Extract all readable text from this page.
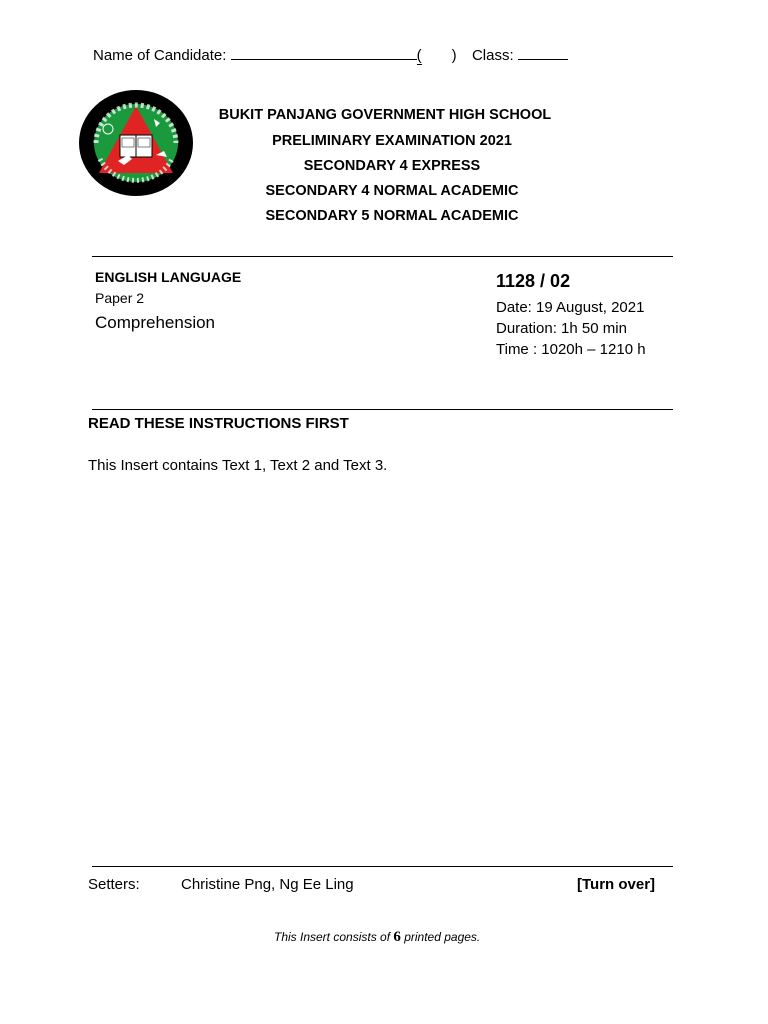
Name of Candidate:	( ) Class:
BUKIT PANJANG GOVERNMENT HIGH SCHOOL
PRELIMINARY EXAMINATION 2021
SECONDARY 4 EXPRESS
SECONDARY 4 NORMAL ACADEMIC
SECONDARY 5 NORMAL ACADEMIC
ENGLISH LANGUAGE
Paper 2
Comprehension
1128 / 02
Date: 19 August, 2021
Duration: 1h 50 min
Time : 1020h – 1210 h
READ THESE INSTRUCTIONS FIRST
This Insert contains Text 1, Text 2 and Text 3.
Setters:	Christine Png, Ng Ee Ling	[Turn over]
This Insert consists of 6 printed pages.
